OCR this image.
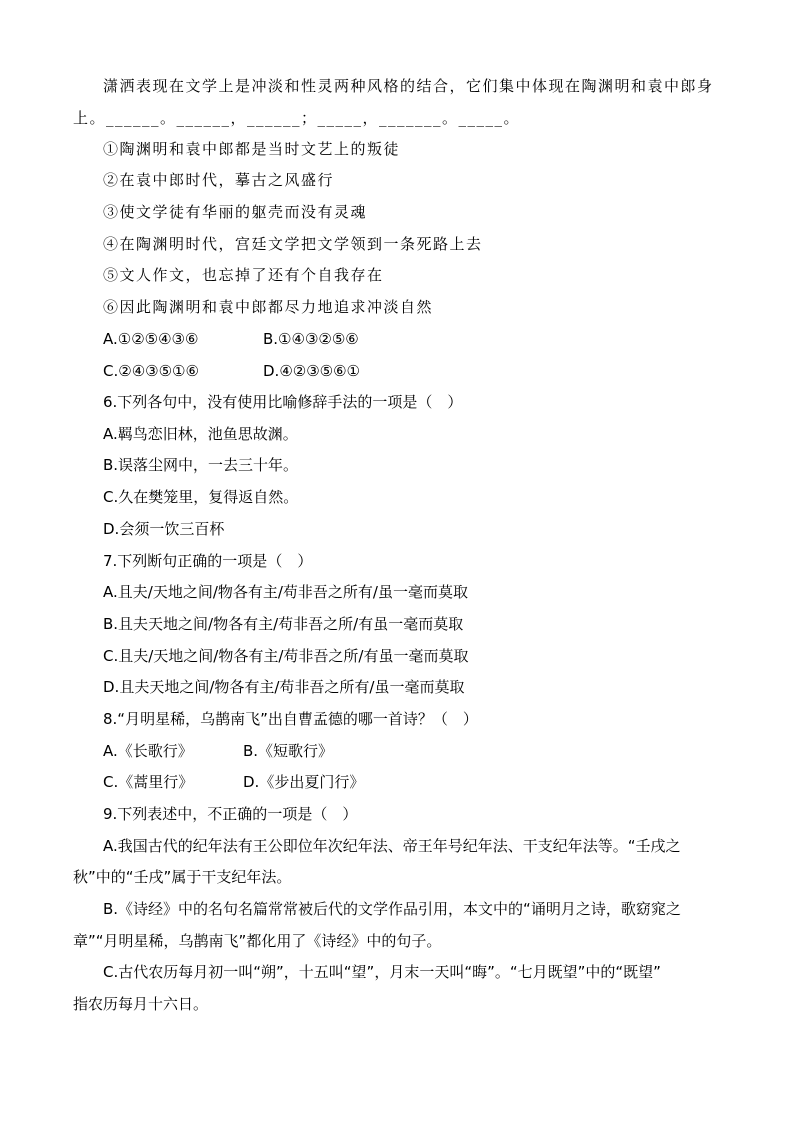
潇洒表现在文学上是冲淡和性灵两种风格的结合，它们集中体现在陶渊明和袁中郎身
上。______。______，______；_____，_______。_____。
①陶渊明和袁中郎都是当时文艺上的叛徒
②在袁中郎时代，摹古之风盛行
③使文学徒有华丽的躯壳而没有灵魂
④在陶渊明时代，宫廷文学把文学领到一条死路上去
⑤文人作文，也忘掉了还有个自我存在
⑥因此陶渊明和袁中郎都尽力地追求冲淡自然
A.①②⑤④③⑥	B.①④③②⑤⑥
C.②④③⑤①⑥	D.④②③⑤⑥①
6.下列各句中，没有使用比喻修辞手法的一项是（　）
A.羁鸟恋旧林，池鱼思故渊。
B.误落尘网中，一去三十年。
C.久在樊笼里，复得返自然。
D.会须一饮三百杯
7.下列断句正确的一项是（　）
A.且夫/天地之间/物各有主/苟非吾之所有/虽一毫而莫取
B.且夫天地之间/物各有主/苟非吾之所/有虽一毫而莫取
C.且夫/天地之间/物各有主/苟非吾之所/有虽一毫而莫取
D.且夫天地之间/物各有主/苟非吾之所有/虽一毫而莫取
8.“月明星稀，乌鹊南飞”出自曹孟德的哪一首诗？（　）
A.《长歌行》	B.《短歌行》
C.《蒿里行》	D.《步出夏门行》
9.下列表述中，不正确的一项是（　）
A.我国古代的纪年法有王公即位年次纪年法、帝王年号纪年法、干支纪年法等。“壬戌之
秋”中的“壬戌”属于干支纪年法。
B.《诗经》中的名句名篇常常被后代的文学作品引用，本文中的“诵明月之诗，歌窈窕之
章”“月明星稀，乌鹊南飞”都化用了《诗经》中的句子。
C.古代农历每月初一叫“朔”，十五叫“望”，月末一天叫“晦”。“七月既望”中的“既望”
指农历每月十六日。
